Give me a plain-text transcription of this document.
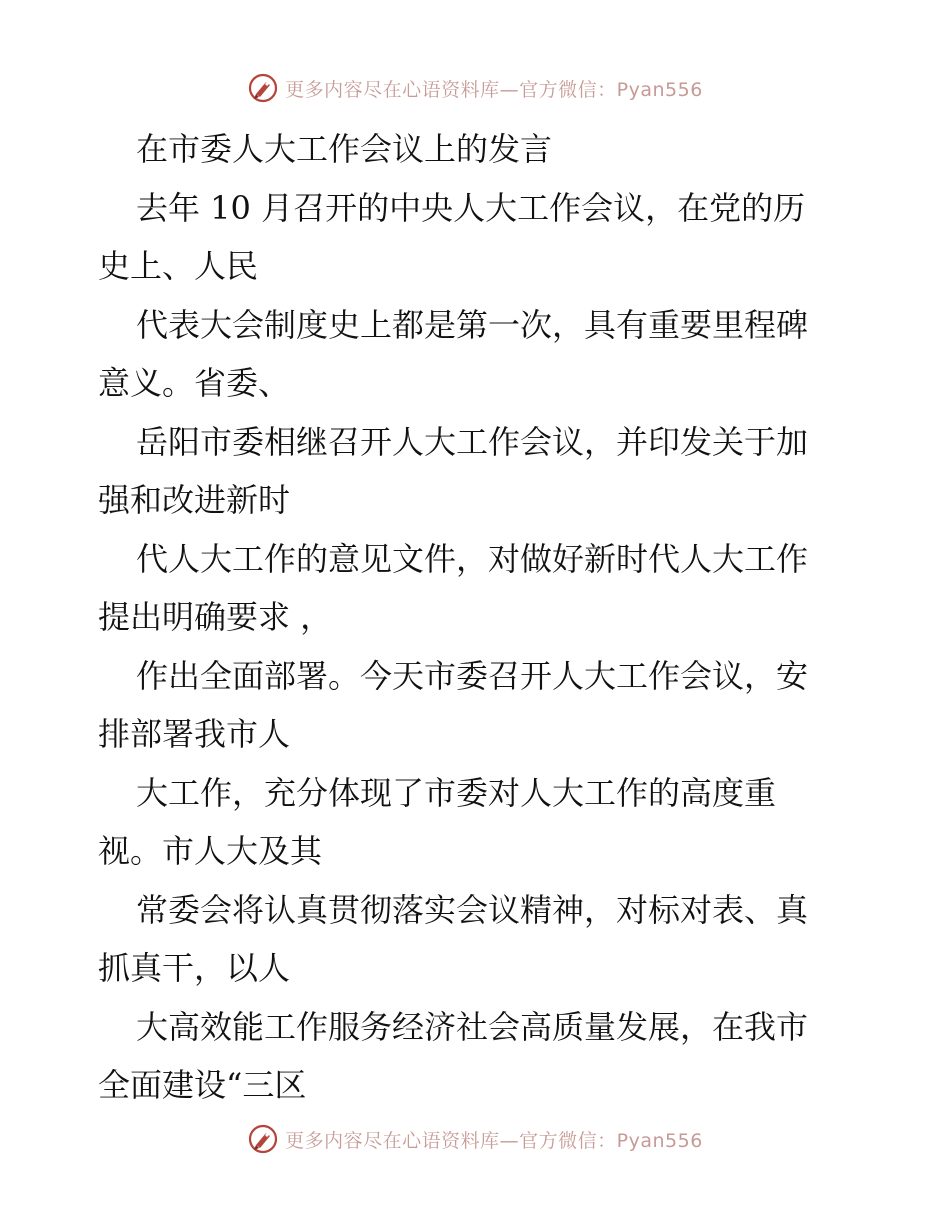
更多内容尽在心语资料库—官方微信：Pyan556
在市委人大工作会议上的发言
去年 10 月召开的中央人大工作会议，在党的历
史上、人民
代表大会制度史上都是第一次，具有重要里程碑
意义。省委、
岳阳市委相继召开人大工作会议，并印发关于加
强和改进新时
代人大工作的意见文件，对做好新时代人大工作
提出明确要求 ，
作出全面部署。今天市委召开人大工作会议，安
排部署我市人
大工作，充分体现了市委对人大工作的高度重
视。市人大及其
常委会将认真贯彻落实会议精神，对标对表、真
抓真干，以人
大高效能工作服务经济社会高质量发展，在我市
全面建设“三区
更多内容尽在心语资料库—官方微信：Pyan556
